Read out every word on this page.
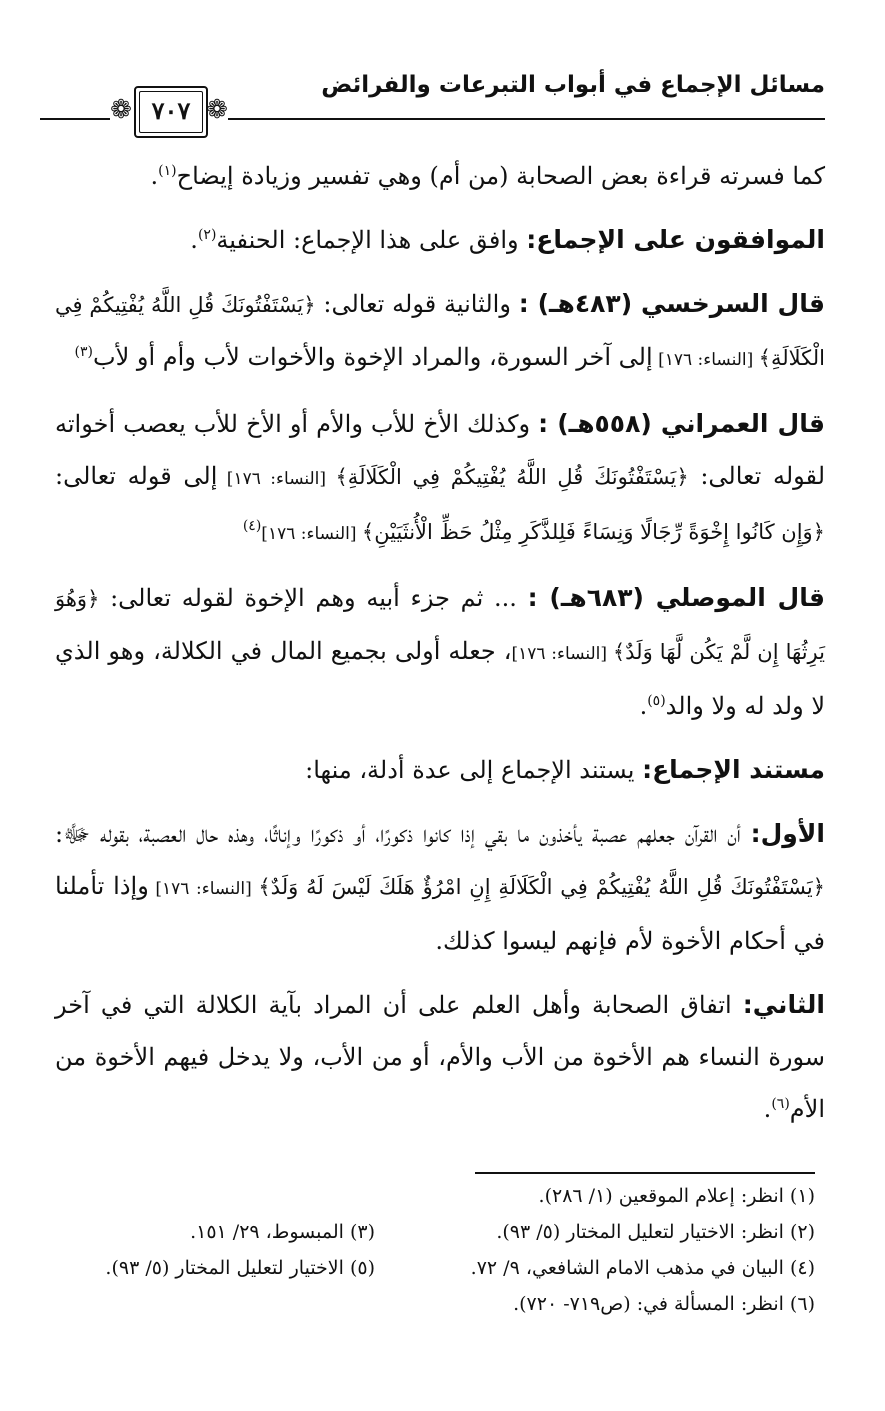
مسائل الإجماع في أبواب التبرعات والفرائض
❁ ٧٠٧ ❁

كما فسرته قراءة بعض الصحابة (من أم) وهي تفسير وزيادة إيضاح$^{(١)}$.

الموافقون على الإجماع: وافق على هذا الإجماع: الحنفية$^{(٢)}$.

قال السرخسي (٤٨٣هـ) : والثانية قوله تعالى: ﴿يَسْتَفْتُونَكَ قُلِ اللَّهُ يُفْتِيكُمْ فِي الْكَلَالَةِ﴾ [النساء: ١٧٦] إلى آخر السورة، والمراد الإخوة والأخوات لأب وأم أو لأب$^{(٣)}$

قال العمراني (٥٥٨هـ) : وكذلك الأخ للأب والأم أو الأخ للأب يعصب أخواته لقوله تعالى: ﴿يَسْتَفْتُونَكَ قُلِ اللَّهُ يُفْتِيكُمْ فِي الْكَلَالَةِ﴾ [النساء: ١٧٦] إلى قوله تعالى: ﴿وَإِن كَانُوا إِخْوَةً رِّجَالًا وَنِسَاءً فَلِلذَّكَرِ مِثْلُ حَظِّ الْأُنثَيَيْنِ﴾ [النساء: ١٧٦]$^{(٤)}$

قال الموصلي (٦٨٣هـ) : ... ثم جزء أبيه وهم الإخوة لقوله تعالى: ﴿وَهُوَ يَرِثُهَا إِن لَّمْ يَكُن لَّهَا وَلَدٌ﴾ [النساء: ١٧٦]، جعله أولى بجميع المال في الكلالة، وهو الذي لا ولد له ولا والد$^{(٥)}$.

مستند الإجماع: يستند الإجماع إلى عدة أدلة، منها:

الأول: أن القرآن جعلهم عصبة يأخذون ما بقي إذا كانوا ذكورًا، أو ذكورًا وإناثًا، وهذه حال العصبة، بقوله ﷻ: ﴿يَسْتَفْتُونَكَ قُلِ اللَّهُ يُفْتِيكُمْ فِي الْكَلَالَةِ إِنِ امْرُؤٌ هَلَكَ لَيْسَ لَهُ وَلَدٌ﴾ [النساء: ١٧٦] وإذا تأملنا في أحكام الأخوة لأم فإنهم ليسوا كذلك.

الثاني: اتفاق الصحابة وأهل العلم على أن المراد بآية الكلالة التي في آخر سورة النساء هم الأخوة من الأب والأم، أو من الأب، ولا يدخل فيهم الأخوة من الأم$^{(٦)}$.

(١) انظر: إعلام الموقعين (١/ ٢٨٦).
(٢) انظر: الاختيار لتعليل المختار (٥/ ٩٣).
(٣) المبسوط، ٢٩/ ١٥١.
(٤) البيان في مذهب الامام الشافعي، ٩/ ٧٢.
(٥) الاختيار لتعليل المختار (٥/ ٩٣).
(٦) انظر: المسألة في: (ص٧١٩- ٧٢٠).
